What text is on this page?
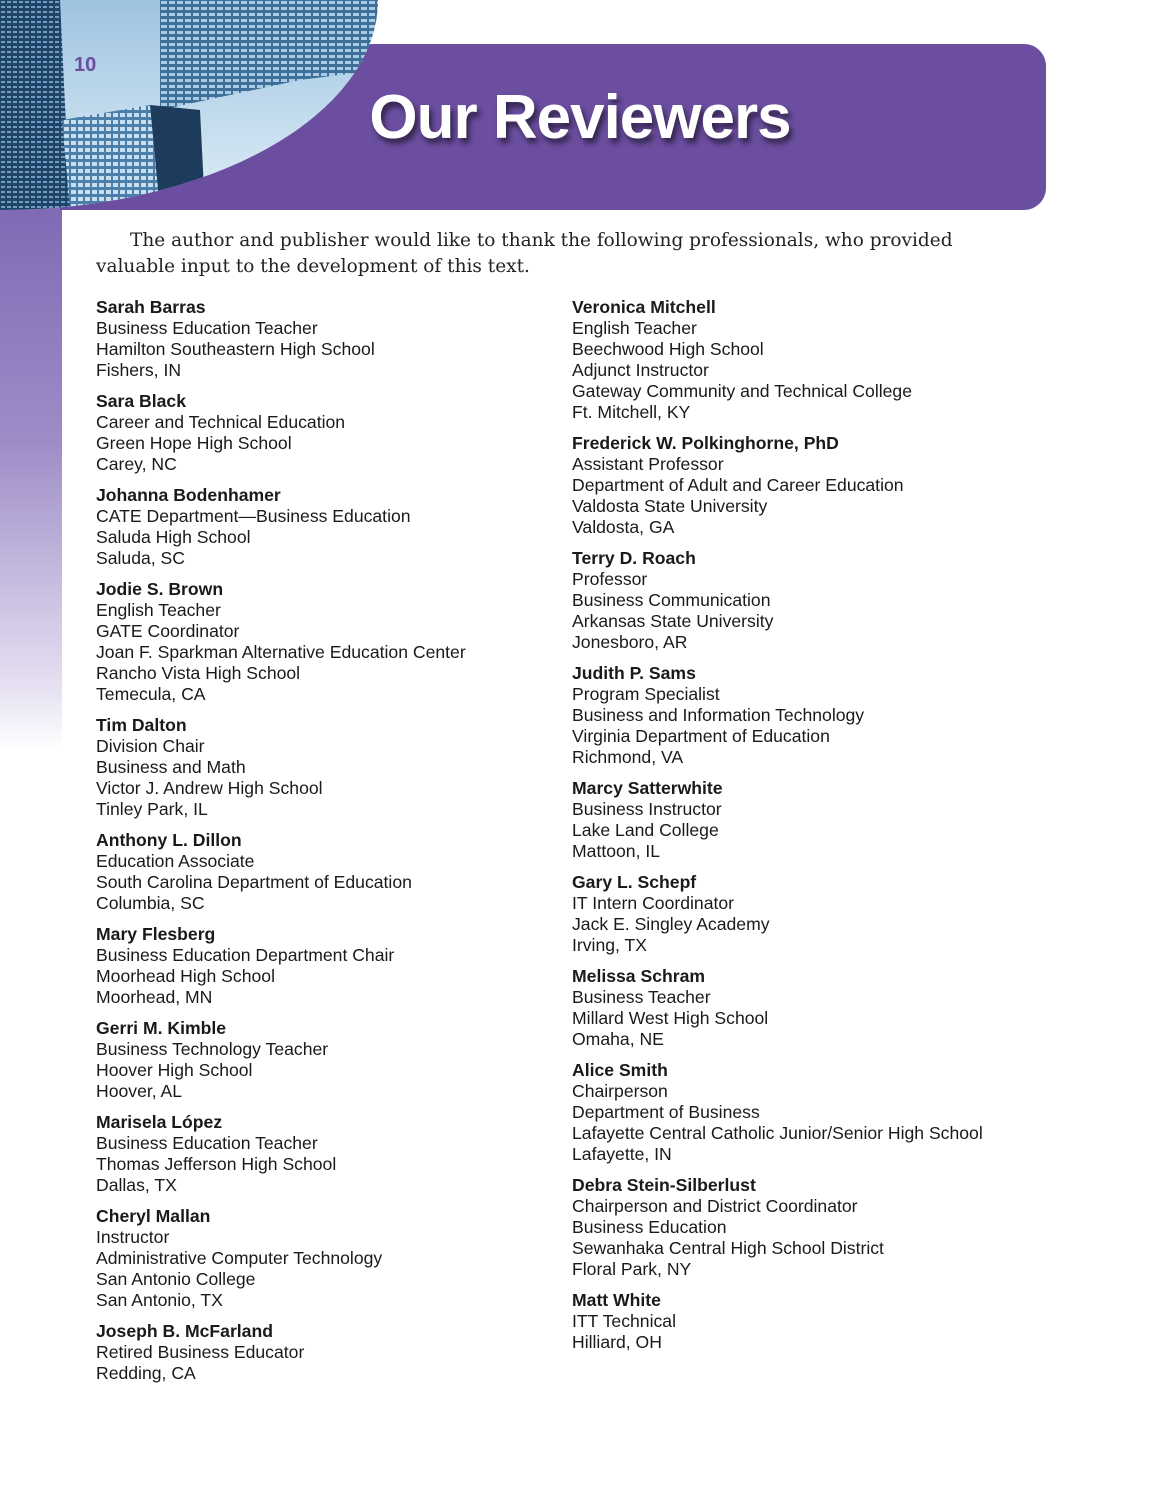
10
Our Reviewers

The author and publisher would like to thank the following professionals, who provided valuable input to the development of this text.

Sarah Barras
Business Education Teacher
Hamilton Southeastern High School
Fishers, IN
Sara Black
Career and Technical Education
Green Hope High School
Carey, NC
Johanna Bodenhamer
CATE Department—Business Education
Saluda High School
Saluda, SC
Jodie S. Brown
English Teacher
GATE Coordinator
Joan F. Sparkman Alternative Education Center
Rancho Vista High School
Temecula, CA
Tim Dalton
Division Chair
Business and Math
Victor J. Andrew High School
Tinley Park, IL
Anthony L. Dillon
Education Associate
South Carolina Department of Education
Columbia, SC
Mary Flesberg
Business Education Department Chair
Moorhead High School
Moorhead, MN
Gerri M. Kimble
Business Technology Teacher
Hoover High School
Hoover, AL
Marisela López
Business Education Teacher
Thomas Jefferson High School
Dallas, TX
Cheryl Mallan
Instructor
Administrative Computer Technology
San Antonio College
San Antonio, TX
Joseph B. McFarland
Retired Business Educator
Redding, CA
Veronica Mitchell
English Teacher
Beechwood High School
Adjunct Instructor
Gateway Community and Technical College
Ft. Mitchell, KY
Frederick W. Polkinghorne, PhD
Assistant Professor
Department of Adult and Career Education
Valdosta State University
Valdosta, GA
Terry D. Roach
Professor
Business Communication
Arkansas State University
Jonesboro, AR
Judith P. Sams
Program Specialist
Business and Information Technology
Virginia Department of Education
Richmond, VA
Marcy Satterwhite
Business Instructor
Lake Land College
Mattoon, IL
Gary L. Schepf
IT Intern Coordinator
Jack E. Singley Academy
Irving, TX
Melissa Schram
Business Teacher
Millard West High School
Omaha, NE
Alice Smith
Chairperson
Department of Business
Lafayette Central Catholic Junior/Senior High School
Lafayette, IN
Debra Stein-Silberlust
Chairperson and District Coordinator
Business Education
Sewanhaka Central High School District
Floral Park, NY
Matt White
ITT Technical
Hilliard, OH
